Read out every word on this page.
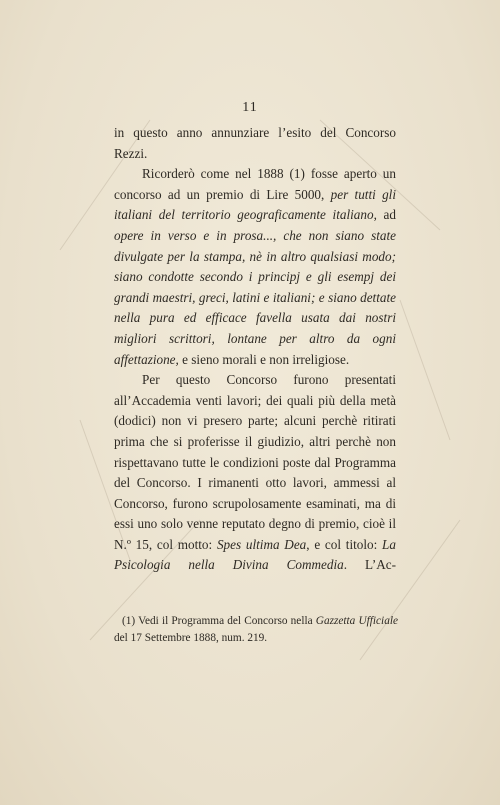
11

in questo anno annunziare l’esito del Concorso Rezzi.

Ricorderò come nel 1888 (1) fosse aperto un concorso ad un premio di Lire 5000, per tutti gli italiani del territorio geograficamente italiano, ad opere in verso e in prosa..., che non siano state divulgate per la stampa, nè in altro qualsiasi modo; siano condotte secondo i principj e gli esempj dei grandi maestri, greci, latini e italiani; e siano dettate nella pura ed efficace favella usata dai nostri migliori scrittori, lontane per altro da ogni affettazione, e sieno morali e non irreligiose.

Per questo Concorso furono presentati all’Accademia venti lavori; dei quali più della metà (dodici) non vi presero parte; alcuni perchè ritirati prima che si proferisse il giudizio, altri perchè non rispettavano tutte le condizioni poste dal Programma del Concorso. I rimanenti otto lavori, ammessi al Concorso, furono scrupolosamente esaminati, ma di essi uno solo venne reputato degno di premio, cioè il N.º 15, col motto: Spes ultima Dea, e col titolo: La Psicologia nella Divina Commedia. L’Ac-

(1) Vedi il Programma del Concorso nella Gazzetta Ufficiale del 17 Settembre 1888, num. 219.
